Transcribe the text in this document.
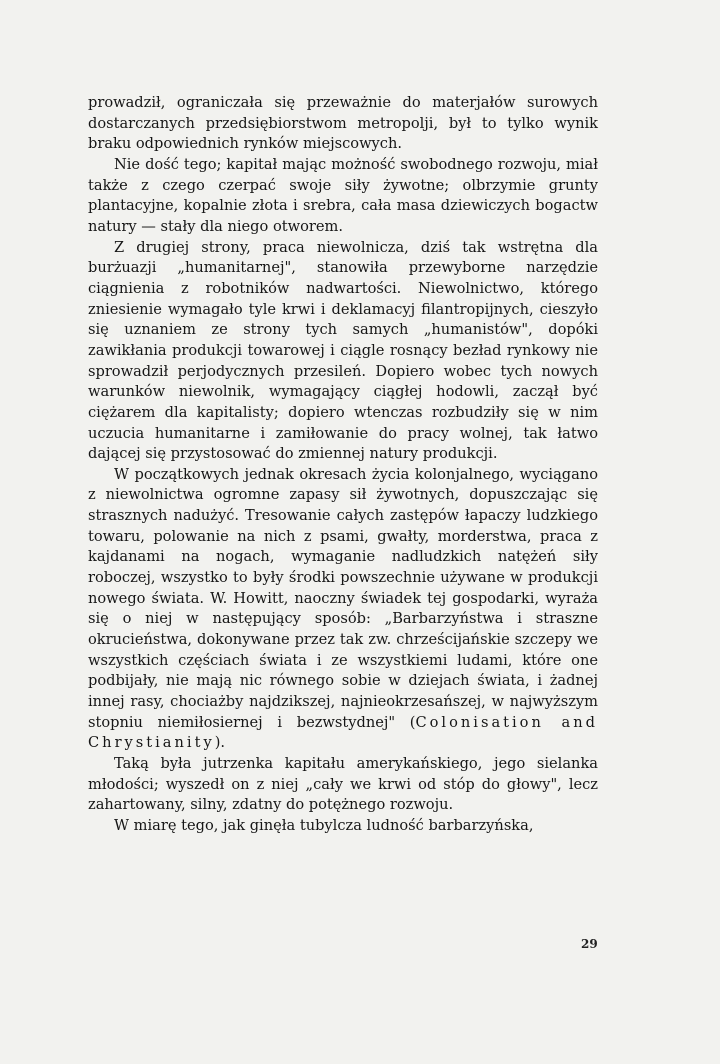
prowadził, ograniczała się przeważnie do materjałów surowych dostarczanych przedsiębiorstwom metropolji, był to tylko wynik braku odpowiednich rynków miejscowych.

Nie dość tego; kapitał mając możność swobodnego rozwoju, miał także z czego czerpać swoje siły żywotne; olbrzymie grunty plantacyjne, kopalnie złota i srebra, cała masa dziewiczych bogactw natury — stały dla niego otworem.

Z drugiej strony, praca niewolnicza, dziś tak wstrętna dla burżuazji „humanitarnej", stanowiła przewyborne narzędzie ciągnienia z robotników nadwartości. Niewolnictwo, którego zniesienie wymagało tyle krwi i deklamacyj filantropijnych, cieszyło się uznaniem ze strony tych samych „humanistów", dopóki zawikłania produkcji towarowej i ciągle rosnący bezład rynkowy nie sprowadził perjodycznych przesileń. Dopiero wobec tych nowych warunków niewolnik, wymagający ciągłej hodowli, zaczął być ciężarem dla kapitalisty; dopiero wtenczas rozbudziły się w nim uczucia humanitarne i zamiłowanie do pracy wolnej, tak łatwo dającej się przystosować do zmiennej natury produkcji.

W początkowych jednak okresach życia kolonjalnego, wyciągano z niewolnictwa ogromne zapasy sił żywotnych, dopuszczając się strasznych nadużyć. Tresowanie całych zastępów łapaczy ludzkiego towaru, polowanie na nich z psami, gwałty, morderstwa, praca z kajdanami na nogach, wymaganie nadludzkich natężeń siły roboczej, wszystko to były środki powszechnie używane w produkcji nowego świata. W. Howitt, naoczny świadek tej gospodarki, wyraża się o niej w następujący sposób: „Barbarzyństwa i straszne okrucieństwa, dokonywane przez tak zw. chrześcijańskie szczepy we wszystkich częściach świata i ze wszystkiemi ludami, które one podbijały, nie mają nic równego sobie w dziejach świata, i żadnej innej rasy, chociażby najdzikszej, najnieokrzesańszej, w najwyższym stopniu niemiłosiernej i bezwstydnej" (Colonisation and Chrystianity).

Taką była jutrzenka kapitału amerykańskiego, jego sielanka młodości; wyszedł on z niej „cały we krwi od stóp do głowy", lecz zahartowany, silny, zdatny do potężnego rozwoju.

W miarę tego, jak ginęła tubylcza ludność barbarzyńska,

29
